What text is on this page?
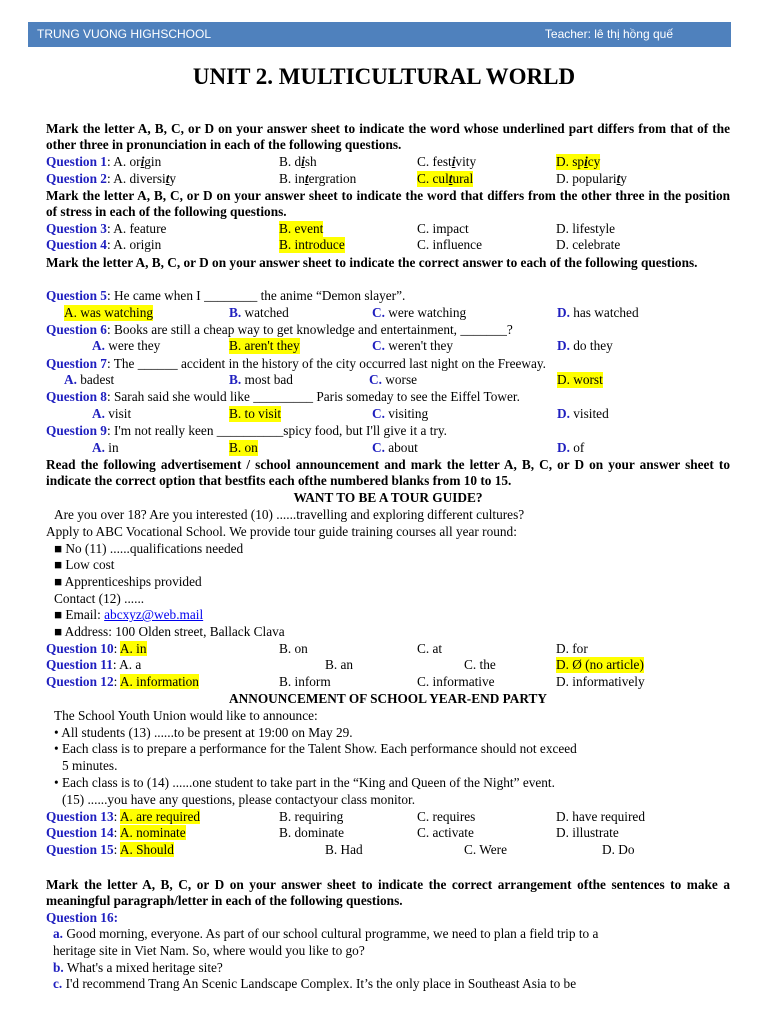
TRUNG VUONG HIGHSCHOOL	Teacher: lê thị hồng quế
UNIT 2. MULTICULTURAL WORLD
Mark the letter A, B, C, or D on your answer sheet to indicate the word whose underlined part differs from that of the other three in pronunciation in each of the following questions.
Question 1: A. origin	B. dish	C. festivity	D. spicy
Question 2: A. diversity	B. intergration	C. cultural	D. popularity
Mark the letter A, B, C, or D on your answer sheet to indicate the word that differs from the other three in the position of stress in each of the following questions.
Question 3: A. feature	B. event	C. impact	D. lifestyle
Question 4: A. origin	B. introduce	C. influence	D. celebrate
Mark the letter A, B, C, or D on your answer sheet to indicate the correct answer to each of the following questions.
Question 5: He came when I ________ the anime “Demon slayer”.
A. was watching	B. watched	C. were watching	D. has watched
Question 6: Books are still a cheap way to get knowledge and entertainment, _______?
A. were they	B. aren't they	C. weren't they	D. do they
Question 7: The ______ accident in the history of the city occurred last night on the Freeway.
A. badest	B. most bad	C. worse	D. worst
Question 8: Sarah said she would like _________ Paris someday to see the Eiffel Tower.
A. visit	B. to visit	C. visiting	D. visited
Question 9: I'm not really keen __________spicy food, but I'll give it a try.
A. in	B. on	C. about	D. of
Read the following advertisement / school announcement and mark the letter A, B, C, or D on your answer sheet to indicate the correct option that bestfits each ofthe numbered blanks from 10 to 15.
WANT TO BE A TOUR GUIDE?
Are you over 18? Are you interested (10) ......travelling and exploring different cultures?
Apply to ABC Vocational School. We provide tour guide training courses all year round:
■ No (11) ......qualifications needed
■ Low cost
■ Apprenticeships provided
Contact (12) ......
■ Email: abcxyz@web.mail
■ Address: 100 Olden street, Ballack Clava
Question 10: A. in	B. on	C. at	D. for
Question 11: A. a	B. an	C. the	D. Ø (no article)
Question 12: A. information	B. inform	C. informative	D. informatively
ANNOUNCEMENT OF SCHOOL YEAR-END PARTY
The School Youth Union would like to announce:
• All students (13) ......to be present at 19:00 on May 29.
• Each class is to prepare a performance for the Talent Show. Each performance should not exceed
5 minutes.
• Each class is to (14) ......one student to take part in the “King and Queen of the Night” event.
(15) ......you have any questions, please contactyour class monitor.
Question 13: A. are required	B. requiring	C. requires	D. have required
Question 14: A. nominate	B. dominate	C. activate	D. illustrate
Question 15: A. Should	B. Had	C. Were	D. Do
Mark the letter A, B, C, or D on your answer sheet to indicate the correct arrangement ofthe sentences to make a meaningful paragraph/letter in each of the following questions.
Question 16:
a. Good morning, everyone. As part of our school cultural programme, we need to plan a field trip to a
heritage site in Viet Nam. So, where would you like to go?
b. What's a mixed heritage site?
c. I'd recommend Trang An Scenic Landscape Complex. It’s the only place in Southeast Asia to be
